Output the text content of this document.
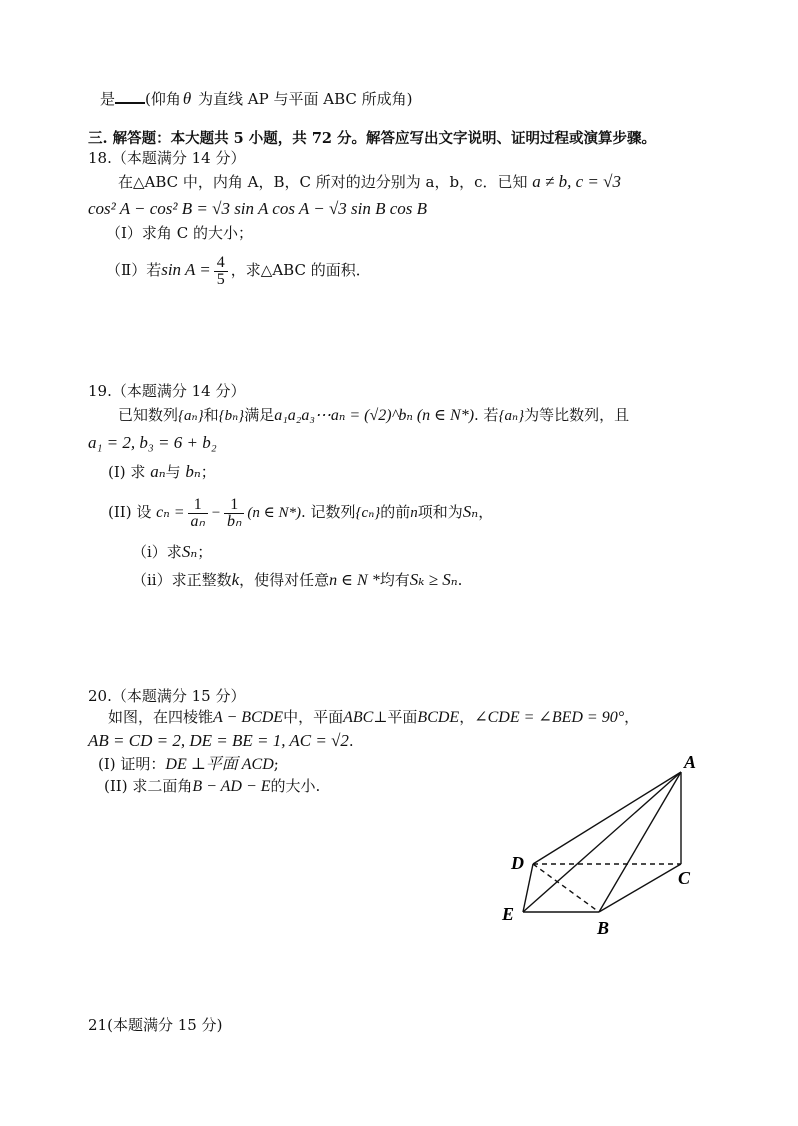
是 (仰角 θ 为直线 AP 与平面 ABC 所成角)
三. 解答题：本大题共 5 小题，共 72 分。解答应写出文字说明、证明过程或演算步骤。
18.（本题满分 14 分）
在△ABC 中，内角 A，B，C 所对的边分别为 a，b，c．已知 a ≠ b, c = √3
cos² A − cos² B = √3 sin A cos A − √3 sin B cos B
（Ⅰ）求角 C 的大小；
（Ⅱ）若$\sin A = \frac{4}{5}$ ，求△ABC 的面积．
19.（本题满分 14 分）
已知数列{aₙ}和{bₙ}满足a₁a₂a₃⋯aₙ = (√2)^bₙ (n ∈ N*). 若{aₙ}为等比数列，且
a₁ = 2, b₃ = 6 + b₂
(I) 求 aₙ与 bₙ；
(II) 设 $c_n = \frac{1}{\text{aₙ}} - \frac{1}{\text{bₙ}} (n$ ∈ N*). 记数列{cₙ}的前n项和为Sₙ，
（i）求Sₙ；
（ii）求正整数k，使得对任意n ∈ N *均有Sₖ ≥ Sₙ.
20.（本题满分 15 分）
如图，在四棱锥A − BCDE中，平面ABC⊥平面BCDE，∠CDE = ∠BED = 90°，
AB = CD = 2, DE = BE = 1, AC = √2.
(I) 证明：DE ⊥平面 ACD;
(II) 求二面角B − AD − E的大小.
A
D
C
E
B
21(本题满分 15 分)
